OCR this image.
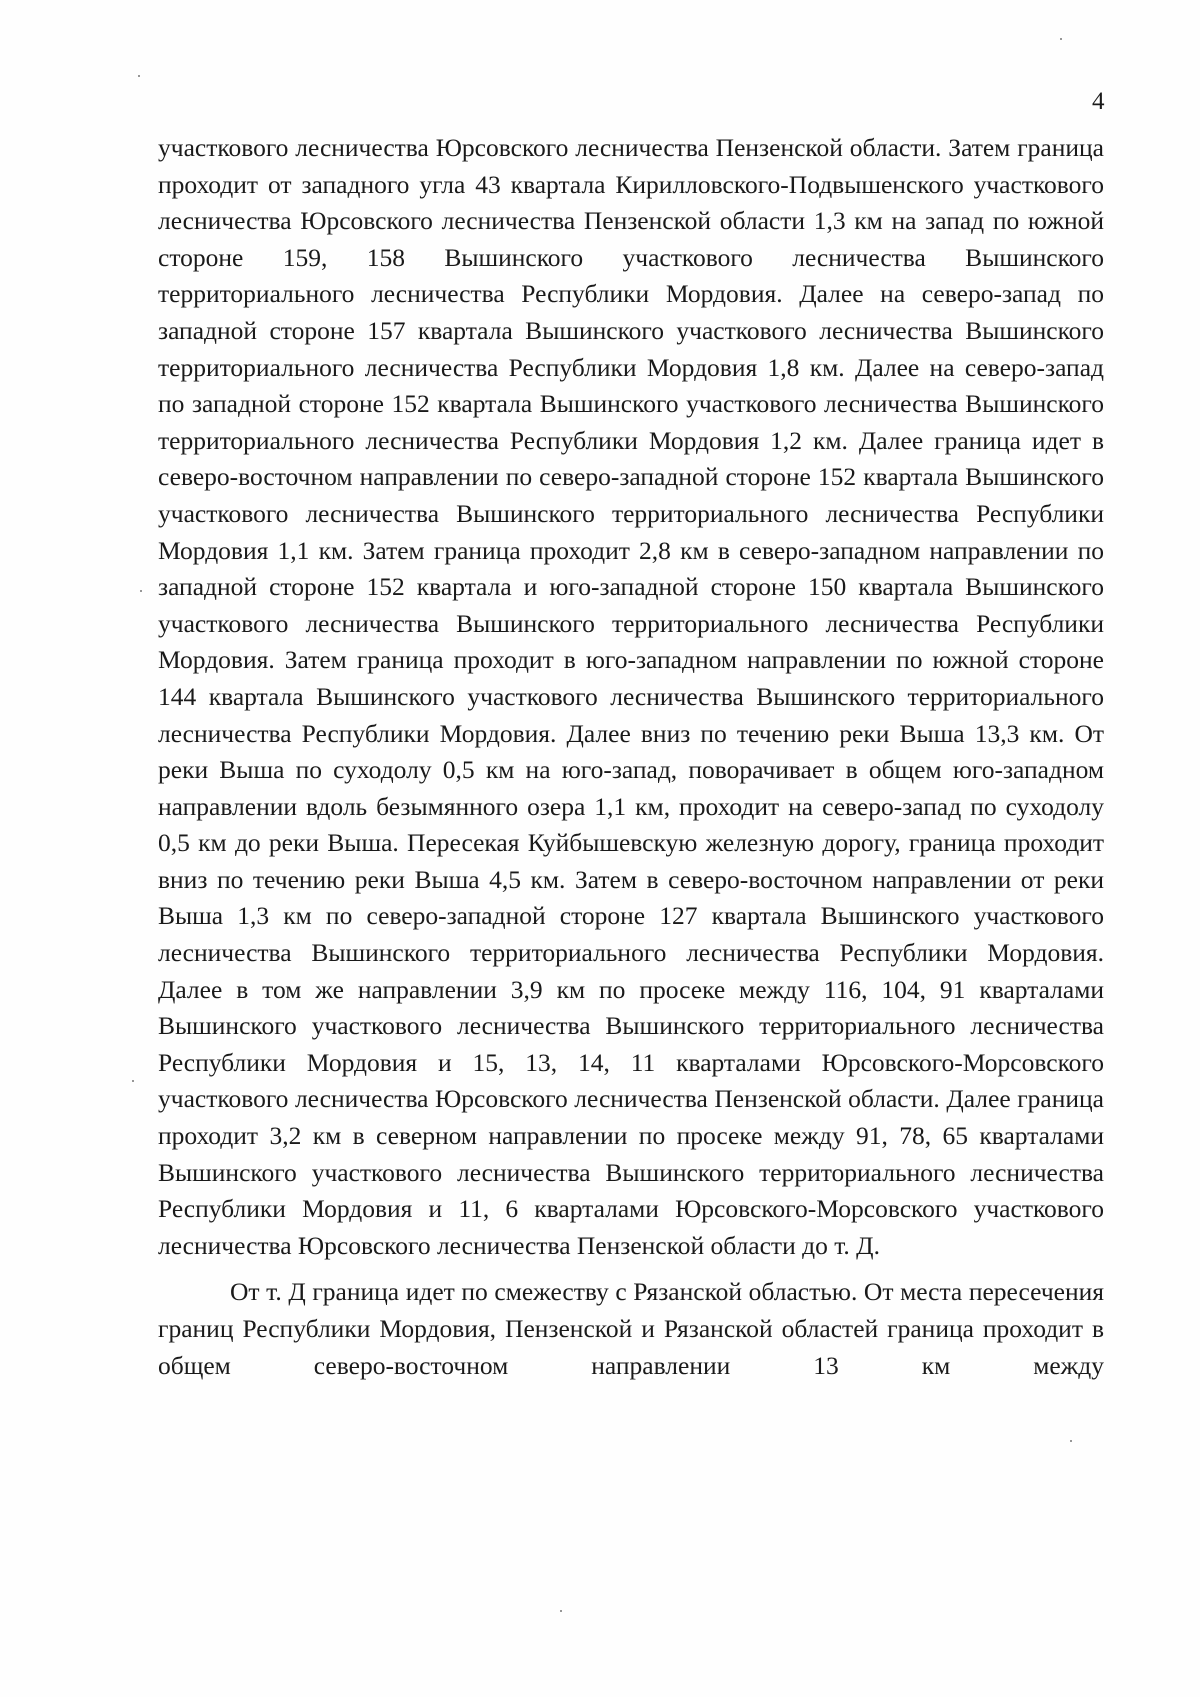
4

участкового лесничества Юрсовского лесничества Пензенской области. Затем граница проходит от западного угла 43 квартала Кирилловского-Подвышенского участкового лесничества Юрсовского лесничества Пензенской области 1,3 км на запад по южной стороне 159, 158 Вышинского участкового лесничества Вышинского территориального лесничества Республики Мордовия. Далее на северо-запад по западной стороне 157 квартала Вышинского участкового лесничества Вышинского территориального лесничества Республики Мордовия 1,8 км. Далее на северо-запад по западной стороне 152 квартала Вышинского участкового лесничества Вышинского территориального лесничества Республики Мордовия 1,2 км. Далее граница идет в северо-восточном направлении по северо-западной стороне 152 квартала Вышинского участкового лесничества Вышинского территориального лесничества Республики Мордовия 1,1 км. Затем граница проходит 2,8 км в северо-западном направлении по западной стороне 152 квартала и юго-западной стороне 150 квартала Вышинского участкового лесничества Вышинского территориального лесничества Республики Мордовия. Затем граница проходит в юго-западном направлении по южной стороне 144 квартала Вышинского участкового лесничества Вышинского территориального лесничества Республики Мордовия. Далее вниз по течению реки Выша 13,3 км. От реки Выша по суходолу 0,5 км на юго-запад, поворачивает в общем юго-западном направлении вдоль безымянного озера 1,1 км, проходит на северо-запад по суходолу 0,5 км до реки Выша. Пересекая Куйбышевскую железную дорогу, граница проходит вниз по течению реки Выша 4,5 км. Затем в северо-восточном направлении от реки Выша 1,3 км по северо-западной стороне 127 квартала Вышинского участкового лесничества Вышинского территориального лесничества Республики Мордовия. Далее в том же направлении 3,9 км по просеке между 116, 104, 91 кварталами Вышинского участкового лесничества Вышинского территориального лесничества Республики Мордовия и 15, 13, 14, 11 кварталами Юрсовского-Морсовского участкового лесничества Юрсовского лесничества Пензенской области. Далее граница проходит 3,2 км в северном направлении по просеке между 91, 78, 65 кварталами Вышинского участкового лесничества Вышинского территориального лесничества Республики Мордовия и 11, 6 кварталами Юрсовского-Морсовского участкового лесничества Юрсовского лесничества Пензенской области до т. Д.

От т. Д граница идет по смежеству с Рязанской областью. От места пересечения границ Республики Мордовия, Пензенской и Рязанской областей граница проходит в общем северо-восточном направлении 13 км между
